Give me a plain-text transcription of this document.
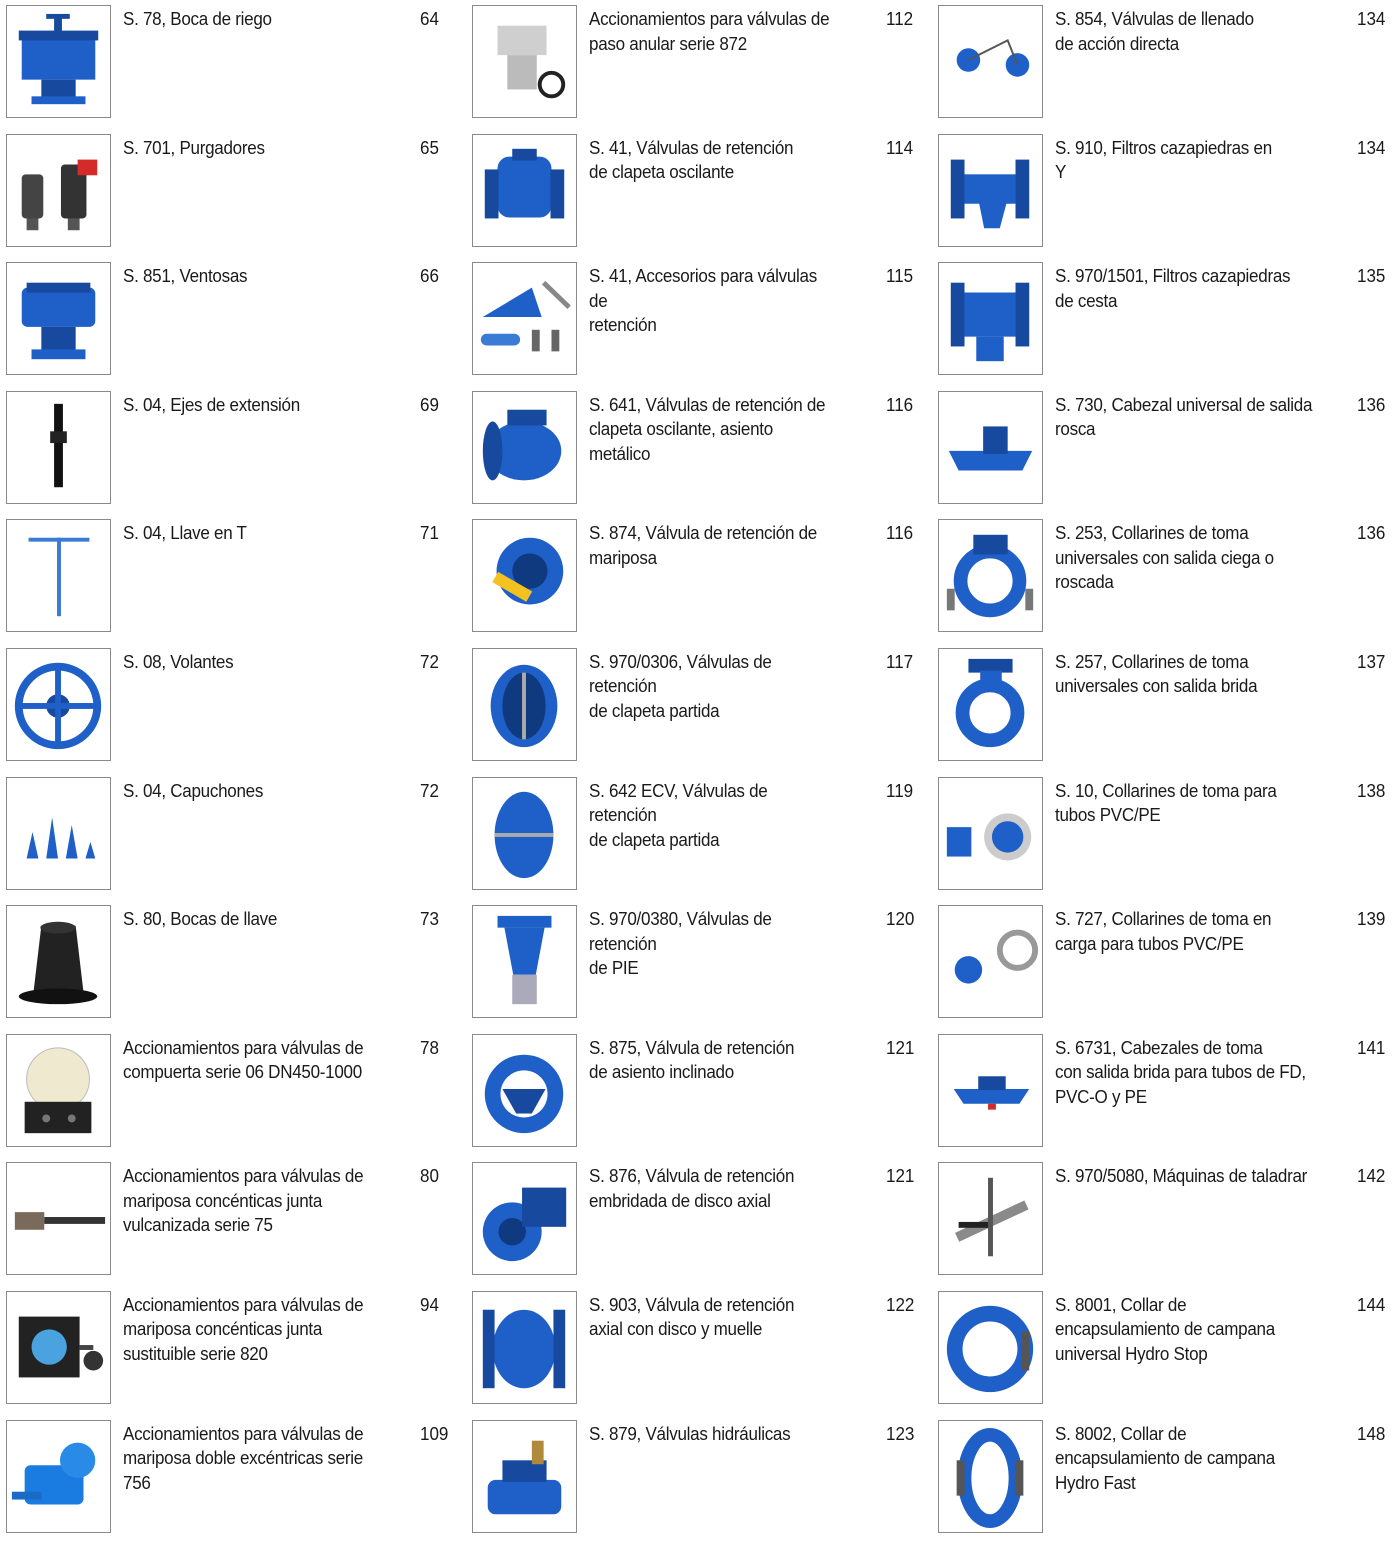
S. 78, Boca de riego	64	Accionamientos para válvulas de
paso anular serie 872
112	S. 854, Válvulas de llenado
de acción directa
134
S. 701, Purgadores	65	S. 41, Válvulas de retención
de clapeta oscilante
114	S. 910, Filtros cazapiedras en
Y
134
S. 851, Ventosas	66	S. 41, Accesorios para válvulas de
retención
115	S. 970/1501, Filtros cazapiedras
de cesta
135
S. 04, Ejes de extensión	69	S. 641, Válvulas de retención de
clapeta oscilante, asiento metálico
116	S. 730, Cabezal universal de salida
rosca
136
S. 04, Llave en T	71	S. 874, Válvula de retención de
mariposa
116	S. 253, Collarines de toma
universales con salida ciega o
roscada
136
S. 08, Volantes	72	S. 970/0306, Válvulas de retención
de clapeta partida
117	S. 257, Collarines de toma
universales con salida brida
137
S. 04, Capuchones	72	S. 642 ECV, Válvulas de retención
de clapeta partida
119	S. 10, Collarines de toma para
tubos PVC/PE
138
S. 80, Bocas de llave	73	S. 970/0380, Válvulas de retención
de PIE
120	S. 727, Collarines de toma en
carga para tubos PVC/PE
139
Accionamientos para válvulas de
compuerta serie 06 DN450-1000
78	S. 875, Válvula de retención
de asiento inclinado
121	S. 6731, Cabezales de toma
con salida brida para tubos de FD,
PVC-O y PE
141
Accionamientos para válvulas de
mariposa concénticas junta
vulcanizada serie 75
80	S. 876, Válvula de retención
embridada de disco axial
121	S. 970/5080, Máquinas de taladrar	142
Accionamientos para válvulas de
mariposa concénticas junta
sustituible serie 820
94	S. 903, Válvula de retención
axial con disco y muelle
122	S. 8001, Collar de
encapsulamiento de campana
universal Hydro Stop
144
Accionamientos para válvulas de
mariposa doble excéntricas serie
756
109	S. 879, Válvulas hidráulicas	123	S. 8002, Collar de
encapsulamiento de campana
Hydro Fast
148
